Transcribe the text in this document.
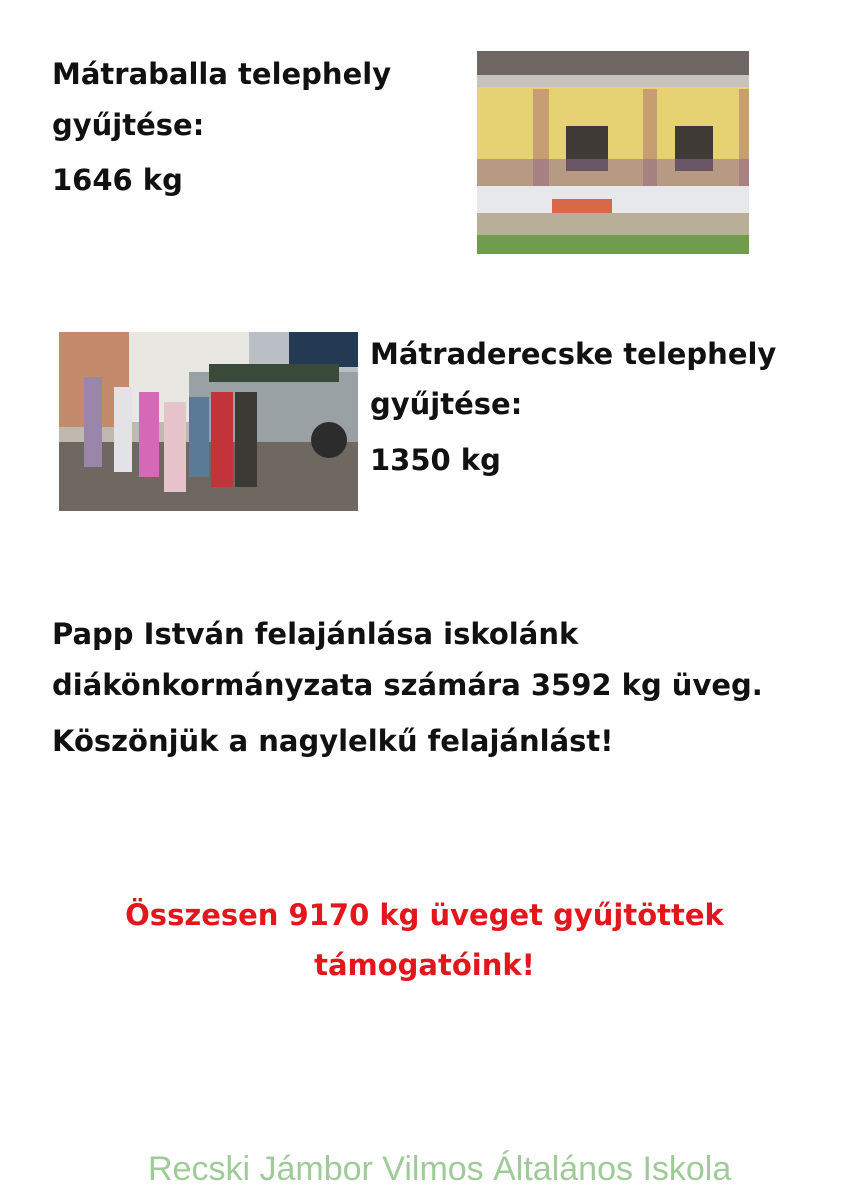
Mátraballa telephely

gyűjtése:

1646 kg

Mátraderecske telephely

gyűjtése:

1350 kg

Papp István felajánlása iskolánk

diákönkormányzata számára 3592 kg üveg.

Köszönjük a nagylelkű felajánlást!

Összesen 9170 kg üveget gyűjtöttek

támogatóink!

Recski Jámbor Vilmos Általános Iskola
